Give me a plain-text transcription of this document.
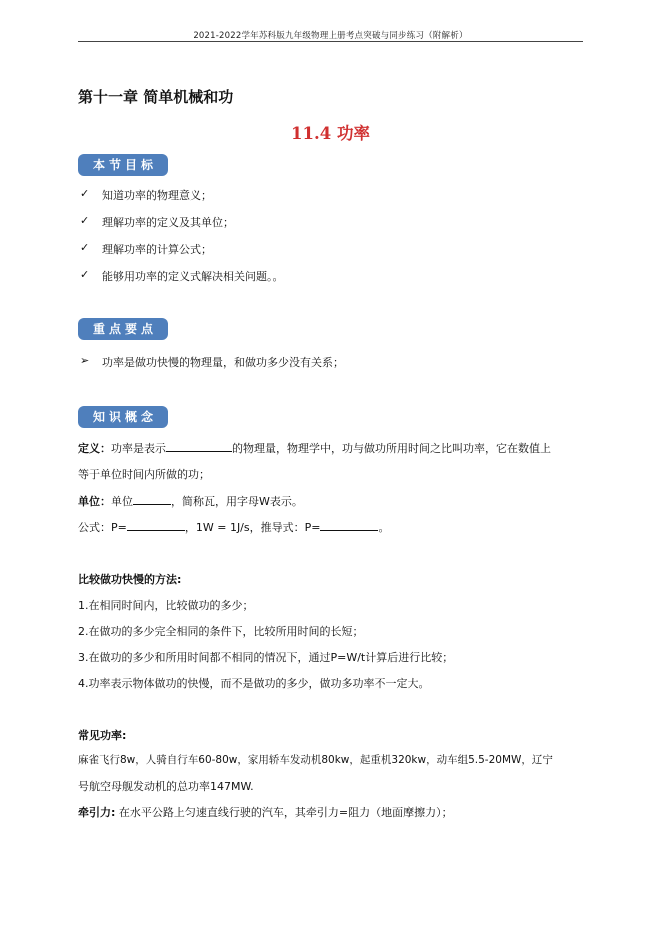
2021-2022学年苏科版九年级物理上册考点突破与同步练习（附解析）
第十一章 简单机械和功
11.4 功率
本节目标
✓ 知道功率的物理意义；
✓ 理解功率的定义及其单位；
✓ 理解功率的计算公式；
✓ 能够用功率的定义式解决相关问题。。
重点要点
➢ 功率是做功快慢的物理量，和做功多少没有关系；
知识概念
定义：功率是表示	的物理量，物理学中，功与做功所用时间之比叫功率，它在数值上
等于单位时间内所做的功；
单位：单位	，简称瓦，用字母W表示。
公式：P=	，1W = 1J/s，推导式：P=	。
比较做功快慢的方法:
1.在相同时间内，比较做功的多少；
2.在做功的多少完全相同的条件下，比较所用时间的长短；
3.在做功的多少和所用时间都不相同的情况下，通过P=W/t计算后进行比较；
4.功率表示物体做功的快慢，而不是做功的多少，做功多功率不一定大。
常见功率:
麻雀飞行8w，人骑自行车60-80w，家用轿车发动机80kw，起重机320kw，动车组5.5-20MW，辽宁
号航空母舰发动机的总功率147MW.
牵引力: 在水平公路上匀速直线行驶的汽车，其牵引力=阻力（地面摩擦力）；
